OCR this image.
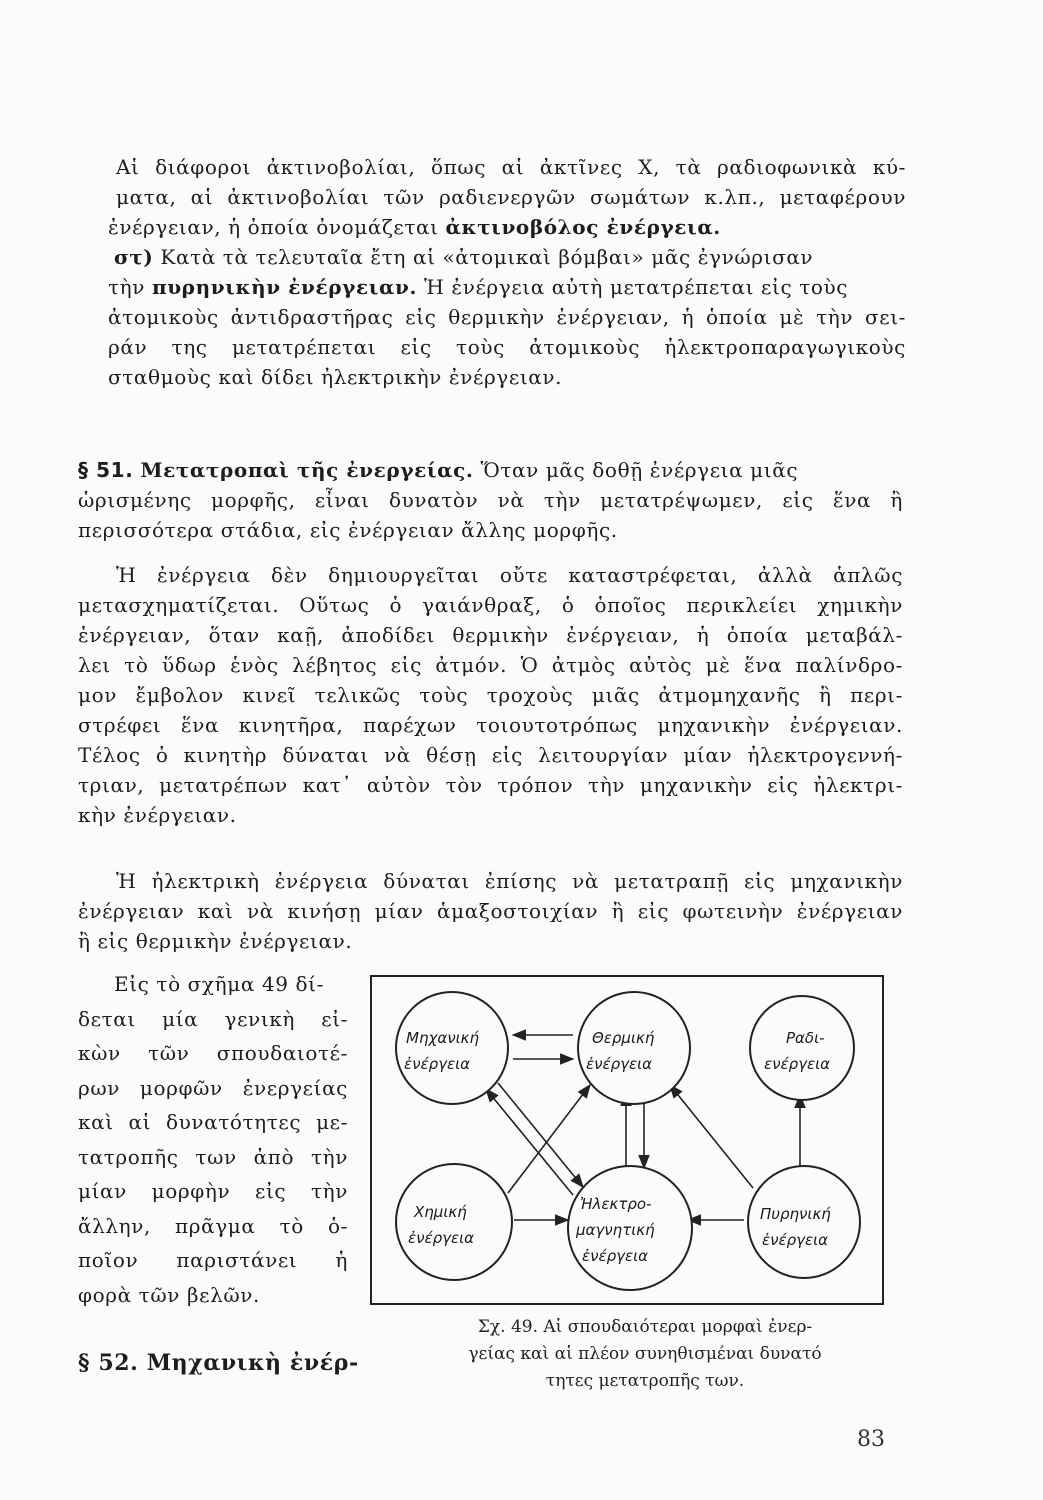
Αἱ διάφοροι ἀκτινοβολίαι, ὅπως αἱ ἀκτῖνες Χ, τὰ ραδιοφωνικὰ κύ-
ματα, αἱ ἀκτινοβολίαι τῶν ραδιενεργῶν σωμάτων κ.λπ., μεταφέρουν
ἐνέργειαν, ἡ ὁποία ὀνομάζεται ἀκτινοβόλος ἐνέργεια.
στ) Κατὰ τὰ τελευταῖα ἔτη αἱ «ἀτομικαὶ βόμβαι» μᾶς ἐγνώρισαν
τὴν πυρηνικὴν ἐνέργειαν. Ἡ ἐνέργεια αὐτὴ μετατρέπεται εἰς τοὺς
ἀτομικοὺς ἀντιδραστῆρας εἰς θερμικὴν ἐνέργειαν, ἡ ὁποία μὲ τὴν σει-
ράν της μετατρέπεται εἰς τοὺς ἀτομικοὺς ἠλεκτροπαραγωγικοὺς
σταθμοὺς καὶ δίδει ἠλεκτρικὴν ἐνέργειαν.
§ 51. Μετατροπαὶ τῆς ἐνεργείας. Ὅταν μᾶς δοθῇ ἐνέργεια μιᾶς
ὡρισμένης μορφῆς, εἶναι δυνατὸν νὰ τὴν μετατρέψωμεν, εἰς ἕνα ἢ
περισσότερα στάδια, εἰς ἐνέργειαν ἄλλης μορφῆς.
Ἡ ἐνέργεια δὲν δημιουργεῖται οὔτε καταστρέφεται, ἀλλὰ ἁπλῶς
μετασχηματίζεται. Οὕτως ὁ γαιάνθραξ, ὁ ὁποῖος περικλείει χημικὴν
ἐνέργειαν, ὅταν καῇ, ἀποδίδει θερμικὴν ἐνέργειαν, ἡ ὁποία μεταβάλ-
λει τὸ ὕδωρ ἑνὸς λέβητος εἰς ἀτμόν. Ὁ ἀτμὸς αὐτὸς μὲ ἕνα παλίνδρο-
μον ἔμβολον κινεῖ τελικῶς τοὺς τροχοὺς μιᾶς ἀτμομηχανῆς ἢ περι-
στρέφει ἕνα κινητῆρα, παρέχων τοιουτοτρόπως μηχανικὴν ἐνέργειαν.
Τέλος ὁ κινητὴρ δύναται νὰ θέσῃ εἰς λειτουργίαν μίαν ἠλεκτρογεννή-
τριαν, μετατρέπων κατ᾽ αὐτὸν τὸν τρόπον τὴν μηχανικὴν εἰς ἠλεκτρι-
κὴν ἐνέργειαν.
Ἡ ἠλεκτρικὴ ἐνέργεια δύναται ἐπίσης νὰ μετατραπῇ εἰς μηχανικὴν
ἐνέργειαν καὶ νὰ κινήσῃ μίαν ἁμαξοστοιχίαν ἢ εἰς φωτεινὴν ἐνέργειαν
ἢ εἰς θερμικὴν ἐνέργειαν.
Εἰς τὸ σχῆμα 49 δί-
δεται μία γενικὴ εἰ-
κὼν τῶν σπουδαιοτέ-
ρων μορφῶν ἐνεργείας
καὶ αἱ δυνατότητες με-
τατροπῆς των ἀπὸ τὴν
μίαν μορφὴν εἰς τὴν
ἄλλην, πρᾶγμα τὸ ὁ-
ποῖον παριστάνει ἡ
φορὰ τῶν βελῶν.
§ 52. Μηχανικὴ ἐνέρ-
Μηχανική
ἐνέργεια
Θερμική
ἐνέργεια
Ραδι-
ενέργεια
Χημική
ἐνέργεια
Ἠλεκτρο-
μαγνητική
ἐνέργεια
Πυρηνική
ἐνέργεια
Σχ. 49. Αἱ σπουδαιότεραι μορφαὶ ἐνερ-
γείας καὶ αἱ πλέον συνηθισμέναι δυνατό
τητες μετατροπῆς των.
83
